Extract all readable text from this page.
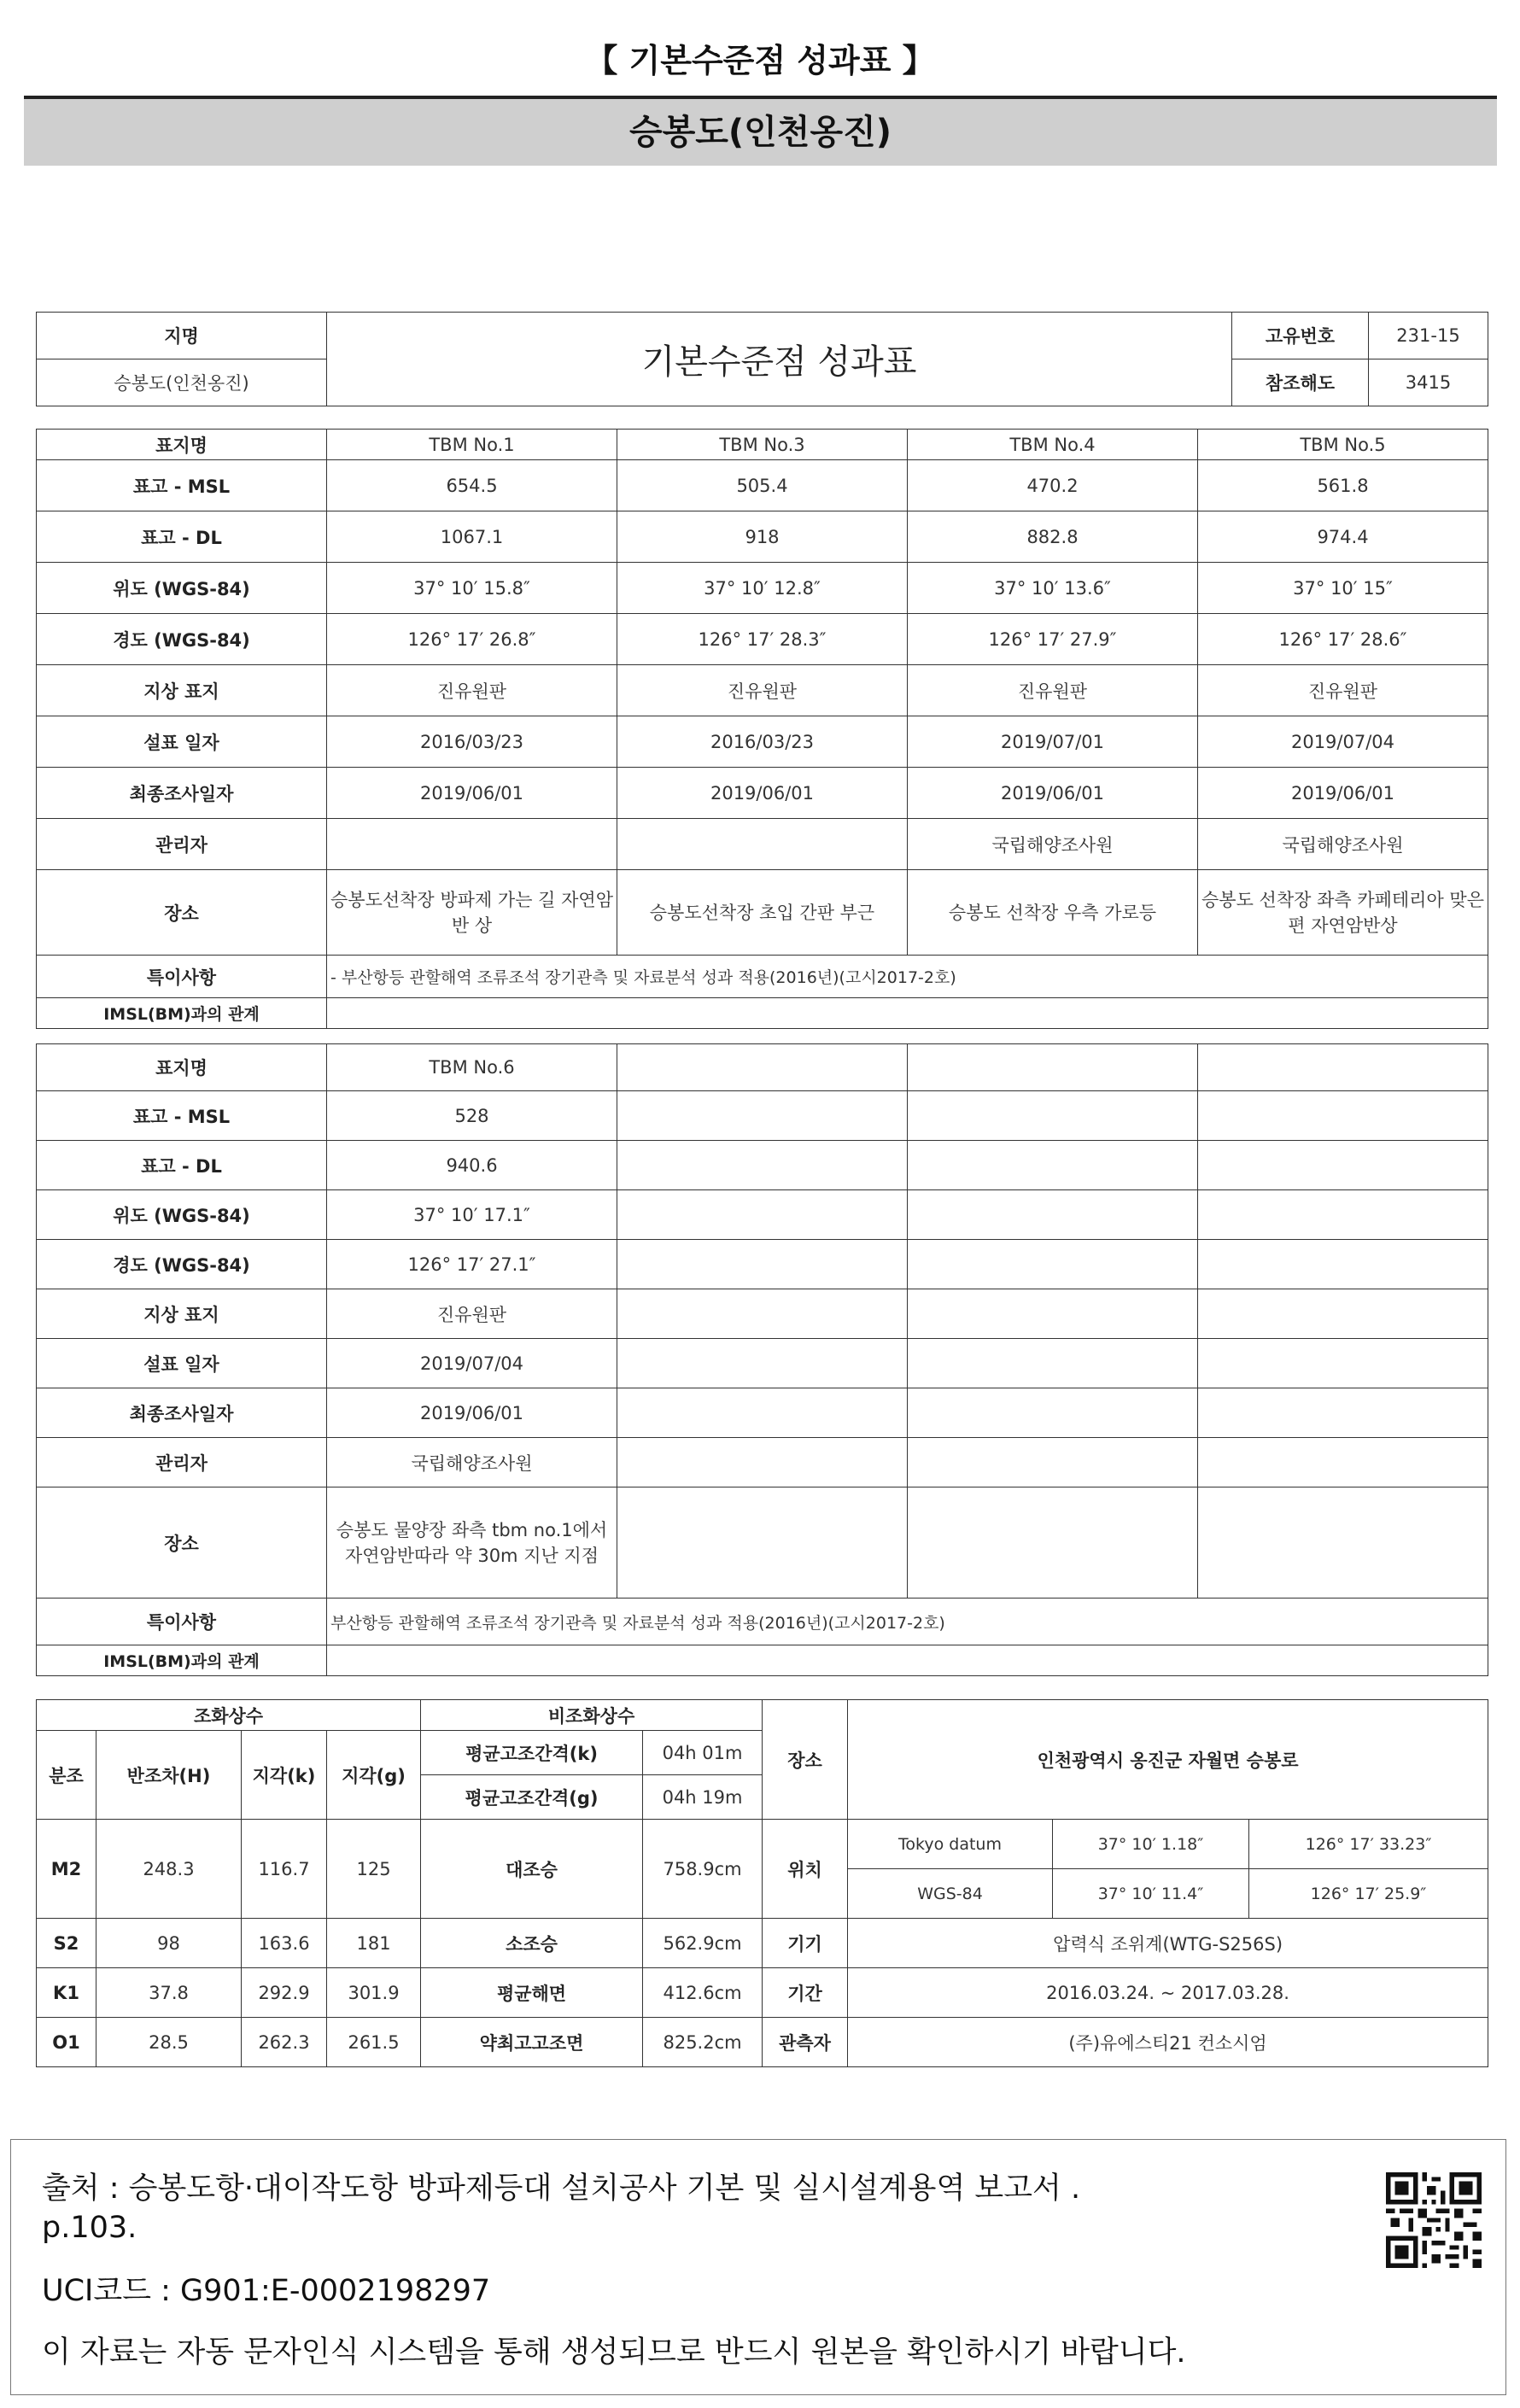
【 기본수준점 성과표 】
승봉도(인천옹진)
지명	기본수준점 성과표	고유번호	231-15
승봉도(인천옹진)		참조해도	3415
표지명	TBM No.1	TBM No.3	TBM No.4	TBM No.5
표고 - MSL	654.5	505.4	470.2	561.8
표고 - DL	1067.1	918	882.8	974.4
위도 (WGS-84)	37° 10′ 15.8″	37° 10′ 12.8″	37° 10′ 13.6″	37° 10′ 15″
경도 (WGS-84)	126° 17′ 26.8″	126° 17′ 28.3″	126° 17′ 27.9″	126° 17′ 28.6″
지상 표지	진유원판	진유원판	진유원판	진유원판
설표 일자	2016/03/23	2016/03/23	2019/07/01	2019/07/04
최종조사일자	2019/06/01	2019/06/01	2019/06/01	2019/06/01
관리자			국립해양조사원	국립해양조사원
장소	승봉도선착장 방파제 가는 길 자연암반 상	승봉도선착장 초입 간판 부근	승봉도 선착장 우측 가로등	승봉도 선착장 좌측 카페테리아 맞은편 자연암반상
특이사항	- 부산항등 관할해역 조류조석 장기관측 및 자료분석 성과 적용(2016년)(고시2017-2호)			
IMSL(BM)과의 관계				
표지명	TBM No.6			
표고 - MSL	528			
표고 - DL	940.6			
위도 (WGS-84)	37° 10′ 17.1″			
경도 (WGS-84)	126° 17′ 27.1″			
지상 표지	진유원판			
설표 일자	2019/07/04			
최종조사일자	2019/06/01			
관리자	국립해양조사원			
장소	승봉도 물양장 좌측 tbm no.1에서 자연암반따라 약 30m 지난 지점			
특이사항	부산항등 관할해역 조류조석 장기관측 및 자료분석 성과 적용(2016년)(고시2017-2호)			
IMSL(BM)과의 관계				
조화상수				비조화상수		장소	인천광역시 옹진군 자월면 승봉로		
분조	반조차(H)	지각(k)	지각(g)	평균고조간격(k)	04h 01m				
				평균고조간격(g)	04h 19m				
M2	248.3	116.7	125	대조승	758.9cm	위치	Tokyo datum	37° 10′ 1.18″	126° 17′ 33.23″
							WGS-84	37° 10′ 11.4″	126° 17′ 25.9″
S2	98	163.6	181	소조승	562.9cm	기기	압력식 조위계(WTG-S256S)		
K1	37.8	292.9	301.9	평균해면	412.6cm	기간	2016.03.24. ~ 2017.03.28.		
O1	28.5	262.3	261.5	약최고고조면	825.2cm	관측자	(주)유에스티21 컨소시엄		

출처 : 승봉도항·대이작도항 방파제등대 설치공사 기본 및 실시설계용역 보고서 .

p.103.

UCI코드 : G901:E-0002198297

이 자료는 자동 문자인식 시스템을 통해 생성되므로 반드시 원본을 확인하시기 바랍니다.
